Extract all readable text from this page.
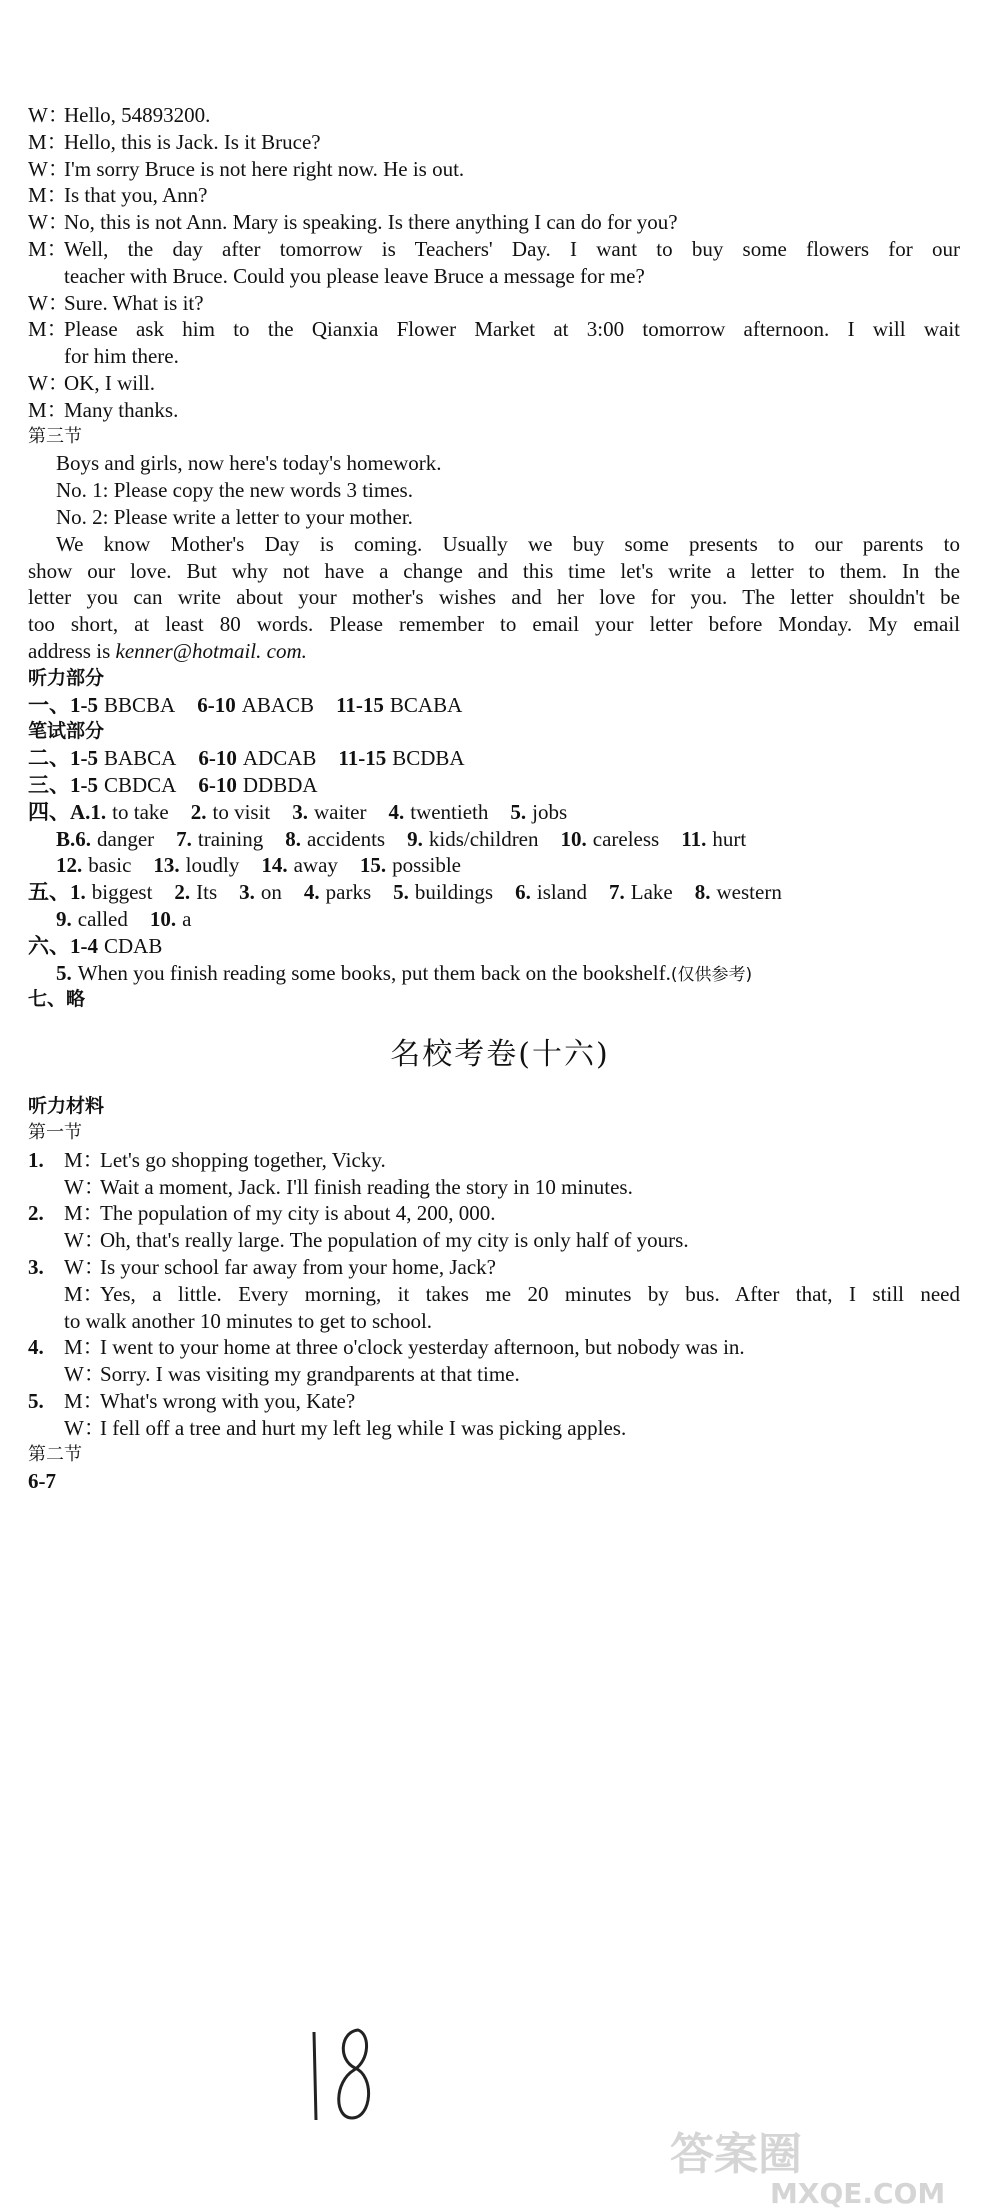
W：Hello, 54893200.
M：Hello, this is Jack. Is it Bruce?
W：I'm sorry Bruce is not here right now. He is out.
M：Is that you, Ann?
W：No, this is not Ann. Mary is speaking. Is there anything I can do for you?
M：Well, the day after tomorrow is Teachers' Day. I want to buy some flowers for our
teacher with Bruce. Could you please leave Bruce a message for me?
W：Sure. What is it?
M：Please ask him to the Qianxia Flower Market at 3:00 tomorrow afternoon. I will wait
for him there.
W：OK, I will.
M：Many thanks.
第三节
Boys and girls, now here's today's homework.
No. 1: Please copy the new words 3 times.
No. 2: Please write a letter to your mother.
We know Mother's Day is coming. Usually we buy some presents to our parents to
show our love. But why not have a change and this time let's write a letter to them. In the
letter you can write about your mother's wishes and her love for you. The letter shouldn't be
too short, at least 80 words. Please remember to email your letter before Monday. My email
address is kenner@hotmail. com.
听力部分
一、1-5 BBCBA 6-10 ABACB 11-15 BCABA
笔试部分
二、1-5 BABCA 6-10 ADCAB 11-15 BCDBA
三、1-5 CBDCA 6-10 DDBDA
四、A.1. to take 2. to visit 3. waiter 4. twentieth 5. jobs
B.6. danger 7. training 8. accidents 9. kids/children 10. careless 11. hurt
12. basic 13. loudly 14. away 15. possible
五、1. biggest 2. Its 3. on 4. parks 5. buildings 6. island 7. Lake 8. western
9. called 10. a
六、1-4 CDAB
5. When you finish reading some books, put them back on the bookshelf.(仅供参考)
七、略
名校考卷(十六)
听力材料
第一节
1. M：Let's go shopping together, Vicky.
W：Wait a moment, Jack. I'll finish reading the story in 10 minutes.
2. M：The population of my city is about 4, 200, 000.
W：Oh, that's really large. The population of my city is only half of yours.
3. W：Is your school far away from your home, Jack?
M：Yes, a little. Every morning, it takes me 20 minutes by bus. After that, I still need
to walk another 10 minutes to get to school.
4. M：I went to your home at three o'clock yesterday afternoon, but nobody was in.
W：Sorry. I was visiting my grandparents at that time.
5. M：What's wrong with you, Kate?
W：I fell off a tree and hurt my left leg while I was picking apples.
第二节
6-7
答案圈
MXQE.COM
